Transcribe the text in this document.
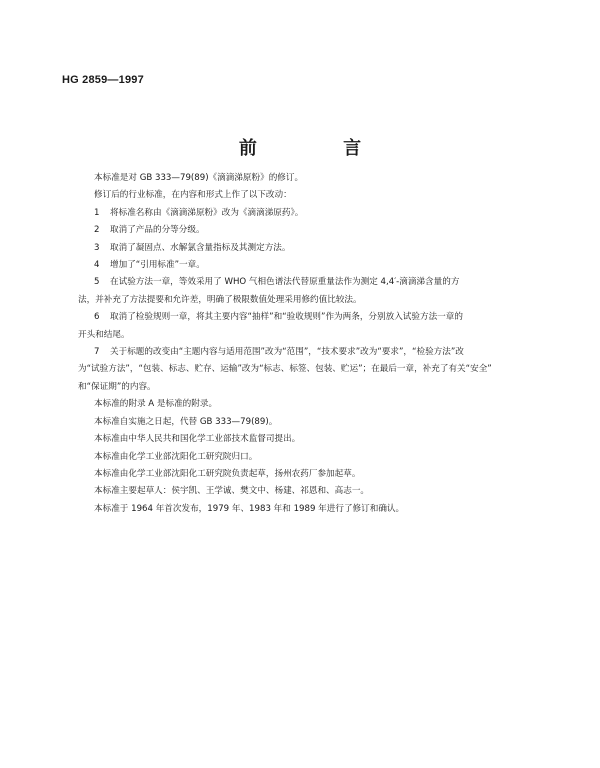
HG 2859—1997
前 言

本标准是对 GB 333—79(89)《滴滴涕原粉》的修订。

修订后的行业标准，在内容和形式上作了以下改动：

1 将标准名称由《滴滴涕原粉》改为《滴滴涕原药》。

2 取消了产品的分等分级。

3 取消了凝固点、水解氯含量指标及其测定方法。

4 增加了“引用标准”一章。

5 在试验方法一章，等效采用了 WHO 气相色谱法代替原重量法作为测定 4,4′-滴滴涕含量的方

法，并补充了方法提要和允许差，明确了极限数值处理采用修约值比较法。

6 取消了检验规则一章，将其主要内容“抽样”和“验收规则”作为两条，分别放入试验方法一章的

开头和结尾。

7 关于标题的改变由“主题内容与适用范围”改为“范围”，“技术要求”改为“要求”，“检验方法”改

为“试验方法”，“包装、标志、贮存、运输”改为“标志、标签、包装、贮运”；在最后一章，补充了有关“安全”

和“保证期”的内容。

本标准的附录 A 是标准的附录。

本标准自实施之日起，代替 GB 333—79(89)。

本标准由中华人民共和国化学工业部技术监督司提出。

本标准由化学工业部沈阳化工研究院归口。

本标准由化学工业部沈阳化工研究院负责起草，扬州农药厂参加起草。

本标准主要起草人：侯宇凯、王学诚、樊文中、杨建、祁恩和、高志一。

本标准于 1964 年首次发布，1979 年、1983 年和 1989 年进行了修订和确认。
